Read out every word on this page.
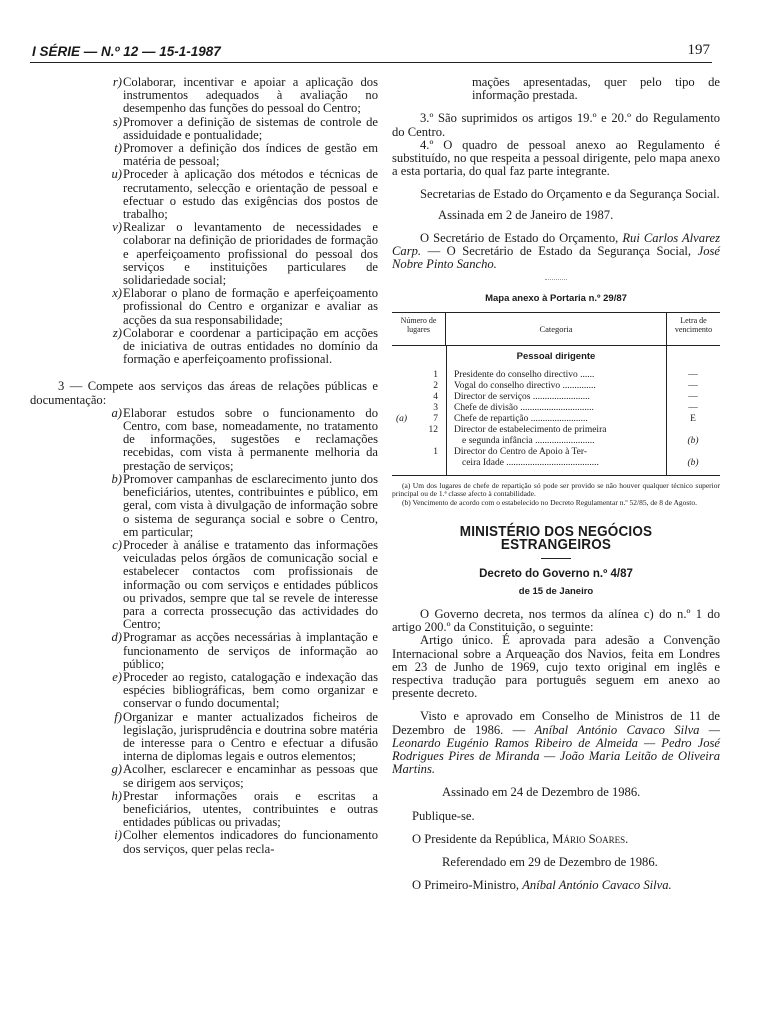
I SÉRIE — N.º 12 — 15-1-1987	197

r) Colaborar, incentivar e apoiar a aplicação dos instrumentos adequados à avaliação no desempenho das funções do pessoal do Centro;

s) Promover a definição de sistemas de controle de assiduidade e pontualidade;

t) Promover a definição dos índices de gestão em matéria de pessoal;

u) Proceder à aplicação dos métodos e técnicas de recrutamento, selecção e orientação de pessoal e efectuar o estudo das exigências dos postos de trabalho;

v) Realizar o levantamento de necessidades e colaborar na definição de prioridades de formação e aperfeiçoamento profissional do pessoal dos serviços e instituições particulares de solidariedade social;

x) Elaborar o plano de formação e aperfeiçoamento profissional do Centro e organizar e avaliar as acções da sua responsabilidade;

z) Colaborar e coordenar a participação em acções de iniciativa de outras entidades no domínio da formação e aperfeiçoamento profissional.

3 — Compete aos serviços das áreas de relações públicas e documentação:

a) Elaborar estudos sobre o funcionamento do Centro, com base, nomeadamente, no tratamento de informações, sugestões e reclamações recebidas, com vista à permanente melhoria da prestação de serviços;

b) Promover campanhas de esclarecimento junto dos beneficiários, utentes, contribuintes e público, em geral, com vista à divulgação de informação sobre o sistema de segurança social e sobre o Centro, em particular;

c) Proceder à análise e tratamento das informações veiculadas pelos órgãos de comunicação social e estabelecer contactos com profissionais de informação ou com serviços e entidades públicos ou privados, sempre que tal se revele de interesse para a correcta prossecução das actividades do Centro;

d) Programar as acções necessárias à implantação e funcionamento de serviços de informação ao público;

e) Proceder ao registo, catalogação e indexação das espécies bibliográficas, bem como organizar e conservar o fundo documental;

f) Organizar e manter actualizados ficheiros de legislação, jurisprudência e doutrina sobre matéria de interesse para o Centro e efectuar a difusão interna de diplomas legais e outros elementos;

g) Acolher, esclarecer e encaminhar as pessoas que se dirigem aos serviços;

h) Prestar informações orais e escritas a beneficiários, utentes, contribuintes e outras entidades públicas ou privadas;

i) Colher elementos indicadores do funcionamento dos serviços, quer pelas recla-

mações apresentadas, quer pelo tipo de informação prestada.

3.º São suprimidos os artigos 19.º e 20.º do Regulamento do Centro.

4.º O quadro de pessoal anexo ao Regulamento é substituído, no que respeita a pessoal dirigente, pelo mapa anexo a esta portaria, do qual faz parte integrante.

Secretarias de Estado do Orçamento e da Segurança Social.

Assinada em 2 de Janeiro de 1987.

O Secretário de Estado do Orçamento, Rui Carlos Alvarez Carp. — O Secretário de Estado da Segurança Social, José Nobre Pinto Sancho.

Mapa anexo à Portaria n.º 29/87
Número de lugares	Categoria
Letra de vencimento
Pessoal dirigente
1 Presidente do conselho directivo ......	—
2 Vogal do conselho directivo ..............	—
4 Director de serviços ........................	—
3 Chefe de divisão ...............................	—
(a)	7 Chefe de repartição ........................	E
12 Director de estabelecimento de primeira
e segunda infância .........................	(b)
1 Director do Centro de Apoio à Ter-
ceira Idade .......................................	(b)

(a) Um dos lugares de chefe de repartição só pode ser provido se não houver qualquer técnico superior principal ou de 1.ª classe afecto à contabilidade.

(b) Vencimento de acordo com o estabelecido no Decreto Regulamentar n.º 52/85, de 8 de Agosto.

MINISTÉRIO DOS NEGÓCIOS ESTRANGEIROS
Decreto do Governo n.º 4/87
de 15 de Janeiro

O Governo decreta, nos termos da alínea c) do n.º 1 do artigo 200.º da Constituição, o seguinte:

Artigo único. É aprovada para adesão a Convenção Internacional sobre a Arqueação dos Navios, feita em Londres em 23 de Junho de 1969, cujo texto original em inglês e respectiva tradução para português seguem em anexo ao presente decreto.

Visto e aprovado em Conselho de Ministros de 11 de Dezembro de 1986. — Aníbal António Cavaco Silva — Leonardo Eugénio Ramos Ribeiro de Almeida — Pedro José Rodrigues Pires de Miranda — João Maria Leitão de Oliveira Martins.

Assinado em 24 de Dezembro de 1986.

Publique-se.

O Presidente da República, Mário Soares.

Referendado em 29 de Dezembro de 1986.

O Primeiro-Ministro, Aníbal António Cavaco Silva.
